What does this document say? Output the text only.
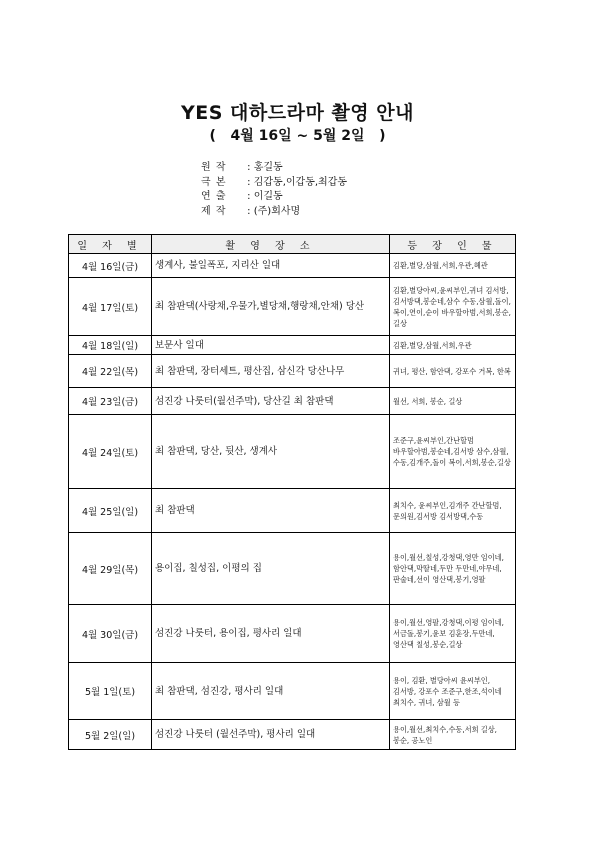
YES 대하드라마 촬영 안내
(   4월 16일 ~ 5월 2일   )
원 작 : 홍길동
극 본 : 김갑동,이갑동,최갑동
연 출 : 이길동
제 작 : (주)회사명
일 자 별	촬 영 장 소	등 장 인 물
4월 16일(금)	생계사, 불일폭포, 지리산 일대	김환,별당,삼월,서희,우관,혜관
4월 17일(토)	최 참판댁(사랑채,우물가,별당채,행랑채,안채) 당산	김환,별당아씨,윤씨부인,귀녀 김서방,김서방댁,봉순네,삼수 수동,삼월,돌이,복이,연이,순이 바우할아범,서희,봉순, 길상
4월 18일(일)	보문사 일대	김환,별당,삼월,서희,우관
4월 22일(목)	최 참판댁, 장터세트, 평산집, 삼신각 당산나무	귀녀, 평산, 함안댁, 강포수 거복, 한복
4월 23일(금)	섬진강 나룻터(월선주막), 당산길 최 참판댁	월선, 서희, 봉순, 길상
4월 24일(토)	최 참판댁, 당산, 뒷산, 생계사	조준구,윤씨부인,간난할멈 바우할아범,봉순네,김서방 삼수,삼월,수동,김개주,돌이 복이,서희,봉순,길상
4월 25일(일)	최 참판댁	최치수, 윤씨부인,김개주 간난할멈,문의원,김서방 김서방댁,수동
4월 29일(목)	용이집, 칠성집, 이평의 집	용이,월선,칠성,강청댁,영만 임이네,함안댁,막딸네,두만 두만네,야무네,판술네,선이 영산댁,봉기,영팔
4월 30일(금)	섬진강 나룻터, 용이집, 평사리 일대	용이,월선,영팔,강청댁,이평 임이네,서금돌,봉기,윤보 김훈장,두만네,영산댁 칠성,봉순,길상
5월 1일(토)	최 참판댁, 섬진강, 평사리 일대	용이, 김환, 별당아씨 윤씨부인,김서방, 강포수 조준구,한조,석이네 최치수, 귀녀, 삼월 등
5월 2일(일)	섬진강 나룻터 (월선주막), 평사리 일대	용이,월선,최치수,수동,서희 길상, 봉순, 공노인
